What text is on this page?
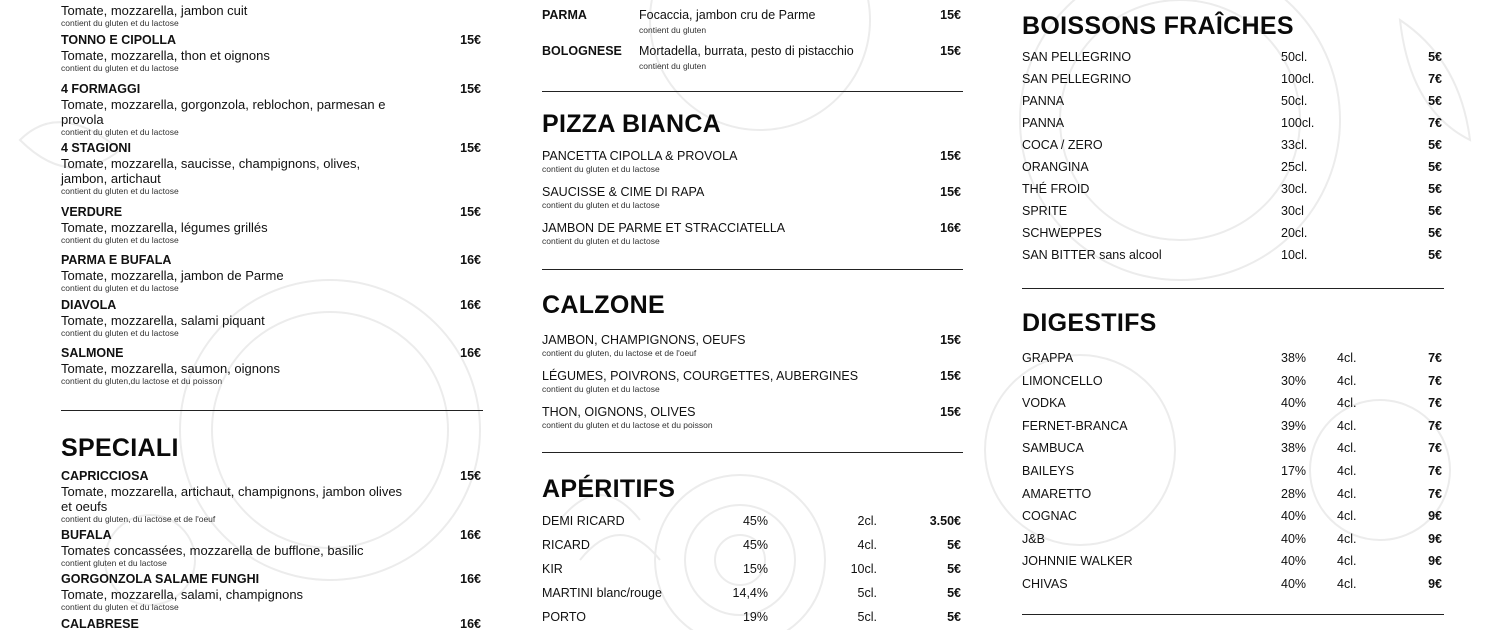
Tomate, mozzarella, jambon cuit
contient du gluten et du lactose
TONNO E CIPOLLA
Tomate, mozzarella, thon et oignons
contient du gluten et du lactose
15€
4 FORMAGGI
Tomate, mozzarella, gorgonzola, reblochon, parmesan e provola
contient du gluten et du lactose
15€
4 STAGIONI
Tomate, mozzarella, saucisse, champignons, olives, jambon, artichaut
contient du gluten et du lactose
15€
VERDURE
Tomate, mozzarella, légumes grillés
contient du gluten et du lactose
15€
PARMA E BUFALA
Tomate, mozzarella, jambon de Parme
contient du gluten et du lactose
16€
DIAVOLA
Tomate, mozzarella, salami piquant
contient du gluten et du lactose
16€
SALMONE
Tomate, mozzarella, saumon, oignons
contient du gluten,du lactose et du poisson
16€
SPECIALI
CAPRICCIOSA
Tomate, mozzarella, artichaut, champignons, jambon olives et oeufs
contient du gluten, du lactose et de l'oeuf
15€
BUFALA
Tomates concassées, mozzarella de bufflone, basilic
contient gluten et du lactose
16€
GORGONZOLA SALAME FUNGHI
Tomate, mozzarella, salami, champignons
contient du gluten et du lactose
16€
CALABRESE	16€
PARMA	Focaccia, jambon cru de Parme
contient du gluten
15€
BOLOGNESE Mortadella, burrata, pesto di pistacchio
contient du gluten
15€
PIZZA BIANCA
PANCETTA CIPOLLA & PROVOLA
contient du gluten et du lactose
15€
SAUCISSE & CIME DI RAPA
contient du gluten et du lactose
15€
JAMBON DE PARME ET STRACCIATELLA
contient du gluten et du lactose
16€
CALZONE
JAMBON, CHAMPIGNONS, OEUFS
contient du gluten, du lactose et de l'oeuf
15€
LÉGUMES, POIVRONS, COURGETTES, AUBERGINES
contient du gluten et du lactose
15€
THON, OIGNONS, OLIVES
contient du gluten et du lactose et du poisson
15€
APÉRITIFS
DEMI RICARD	45%	2cl.	3.50€
RICARD	45%	4cl.	5€
KIR	15%	10cl.	5€
MARTINI blanc/rouge	14,4%	5cl.	5€
PORTO	19%	5cl.	5€
BOISSONS FRAÎCHES
SAN PELLEGRINO	50cl.	5€
SAN PELLEGRINO	100cl.	7€
PANNA	50cl.	5€
PANNA	100cl.	7€
COCA / ZERO	33cl.	5€
ORANGINA	25cl.	5€
THÉ FROID	30cl.	5€
SPRITE	30cl	5€
SCHWEPPES	20cl.	5€
SAN BITTER sans alcool	10cl.	5€
DIGESTIFS
GRAPPA	38% 4cl.	7€
LIMONCELLO	30% 4cl.	7€
VODKA	40% 4cl.	7€
FERNET-BRANCA	39% 4cl.	7€
SAMBUCA	38% 4cl.	7€
BAILEYS	17% 4cl.	7€
AMARETTO	28% 4cl.	7€
COGNAC	40% 4cl.	9€
J&B	40% 4cl.	9€
JOHNNIE WALKER	40% 4cl.	9€
CHIVAS	40% 4cl.	9€
